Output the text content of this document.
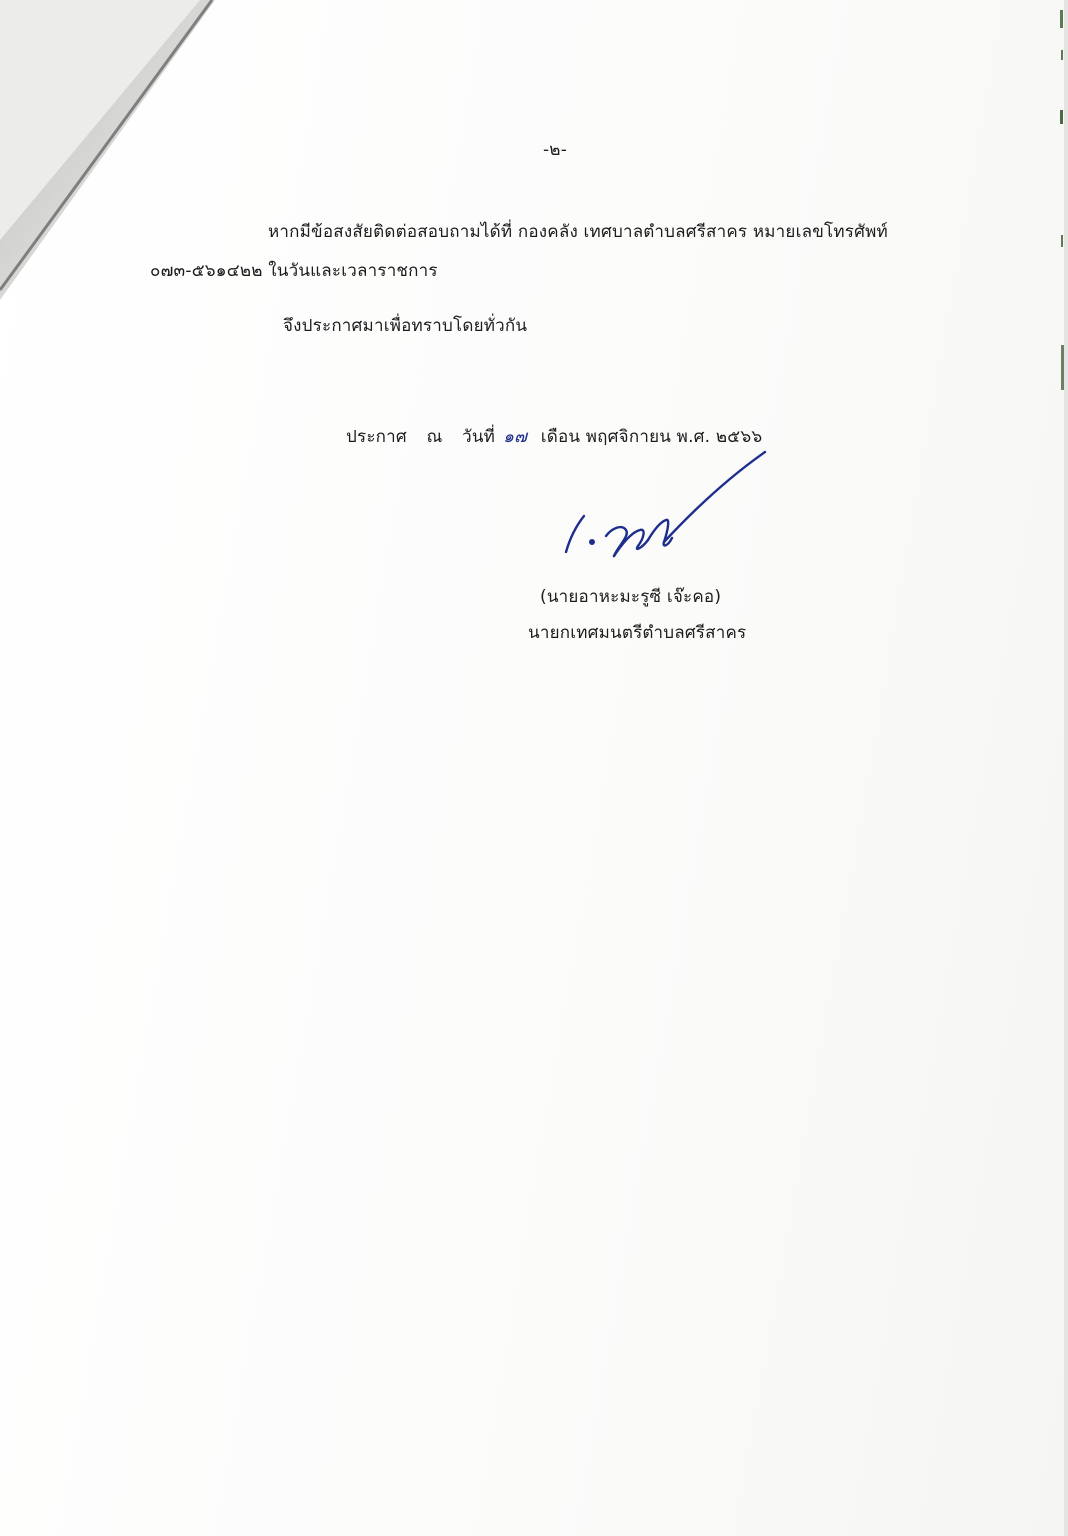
-๒-
หากมีข้อสงสัยติดต่อสอบถามได้ที่ กองคลัง เทศบาลตำบลศรีสาคร หมายเลขโทรศัพท์
๐๗๓-๕๖๑๔๒๒ ในวันและเวลาราชการ
จึงประกาศมาเพื่อทราบโดยทั่วกัน
ประกาศ ณ วันที่ ๑๗ เดือน พฤศจิกายน พ.ศ. ๒๕๖๖
(นายอาหะมะรูซี เจ๊ะคอ)
นายกเทศมนตรีตำบลศรีสาคร
